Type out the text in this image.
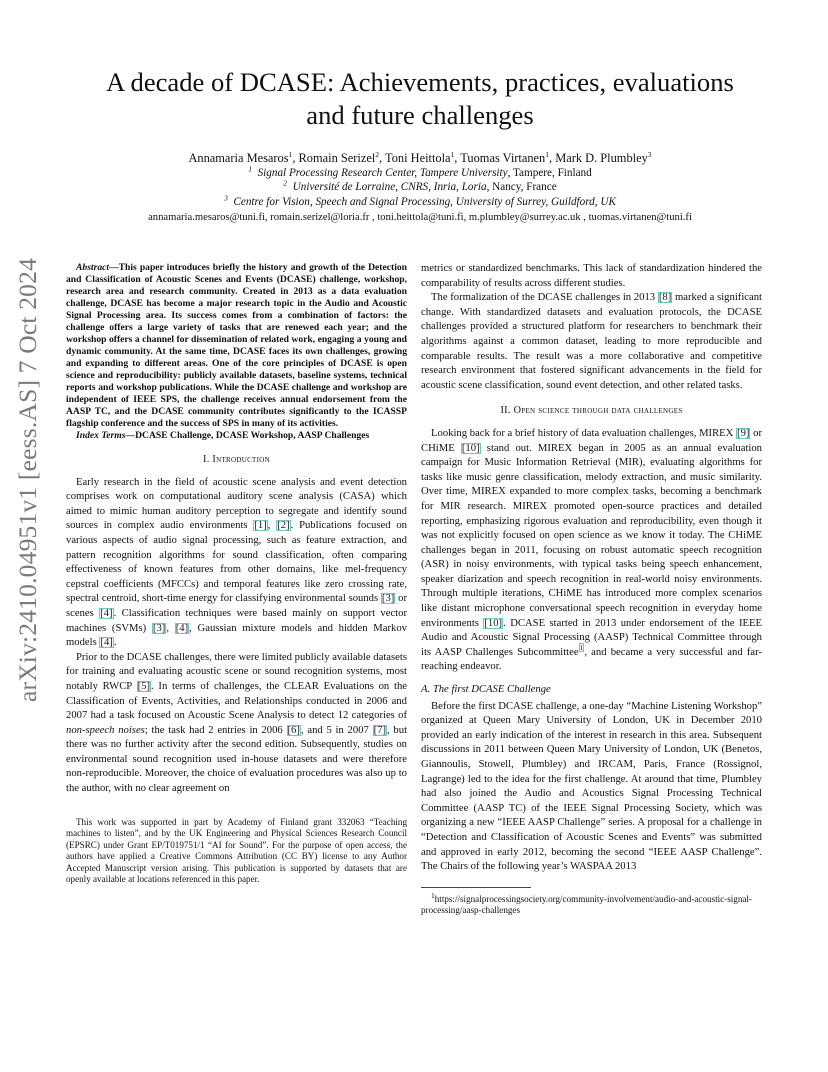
arXiv:2410.04951v1 [eess.AS] 7 Oct 2024
A decade of DCASE: Achievements, practices, evaluations
and future challenges
Annamaria Mesaros$^1$, Romain Serizel$^2$, Toni Heittola$^1$, Tuomas Virtanen$^1$, Mark D. Plumbley$^3$
$^1$ Signal Processing Research Center, Tampere University, Tampere, Finland
$^2$ Université de Lorraine, CNRS, Inria, Loria, Nancy, France
$^3$ Centre for Vision, Speech and Signal Processing, University of Surrey, Guildford, UK
annamaria.mesaros@tuni.fi, romain.serizel@loria.fr , toni.heittola@tuni.fi, m.plumbley@surrey.ac.uk , tuomas.virtanen@tuni.fi

Abstract—This paper introduces briefly the history and growth of the Detection and Classification of Acoustic Scenes and Events (DCASE) challenge, workshop, research area and research community. Created in 2013 as a data evaluation challenge, DCASE has become a major research topic in the Audio and Acoustic Signal Processing area. Its success comes from a combination of factors: the challenge offers a large variety of tasks that are renewed each year; and the workshop offers a channel for dissemination of related work, engaging a young and dynamic community. At the same time, DCASE faces its own challenges, growing and expanding to different areas. One of the core principles of DCASE is open science and reproducibility: publicly available datasets, baseline systems, technical reports and workshop publications. While the DCASE challenge and workshop are independent of IEEE SPS, the challenge receives annual endorsement from the AASP TC, and the DCASE community contributes significantly to the ICASSP flagship conference and the success of SPS in many of its activities.

Index Terms—DCASE Challenge, DCASE Workshop, AASP Challenges

I. Introduction

Early research in the field of acoustic scene analysis and event detection comprises work on computational auditory scene analysis (CASA) which aimed to mimic human auditory perception to segregate and identify sound sources in complex audio environments [1], [2]. Publications focused on various aspects of audio signal processing, such as feature extraction, and pattern recognition algorithms for sound classification, often comparing effectiveness of known features from other domains, like mel-frequency cepstral coefficients (MFCCs) and temporal features like zero crossing rate, spectral centroid, short-time energy for classifying environmental sounds [3] or scenes [4]. Classification techniques were based mainly on support vector machines (SVMs) [3], [4], Gaussian mixture models and hidden Markov models [4].

Prior to the DCASE challenges, there were limited publicly available datasets for training and evaluating acoustic scene or sound recognition systems, most notably RWCP [5]. In terms of challenges, the CLEAR Evaluations on the Classification of Events, Activities, and Relationships conducted in 2006 and 2007 had a task focused on Acoustic Scene Analysis to detect 12 categories of non-speech noises; the task had 2 entries in 2006 [6], and 5 in 2007 [7], but there was no further activity after the second edition. Subsequently, studies on environmental sound recognition used in-house datasets and were therefore non-reproducible. Moreover, the choice of evaluation procedures was also up to the author, with no clear agreement on

This work was supported in part by Academy of Finland grant 332063 “Teaching machines to listen”, and by the UK Engineering and Physical Sciences Research Council (EPSRC) under Grant EP/T019751/1 “AI for Sound”. For the purpose of open access, the authors have applied a Creative Commons Attribution (CC BY) license to any Author Accepted Manuscript version arising. This publication is supported by datasets that are openly available at locations referenced in this paper.

metrics or standardized benchmarks. This lack of standardization hindered the comparability of results across different studies.

The formalization of the DCASE challenges in 2013 [8] marked a significant change. With standardized datasets and evaluation protocols, the DCASE challenges provided a structured platform for researchers to benchmark their algorithms against a common dataset, leading to more reproducible and comparable results. The result was a more collaborative and competitive research environment that fostered significant advancements in the field for acoustic scene classification, sound event detection, and other related tasks.

II. Open science through data challenges

Looking back for a brief history of data evaluation challenges, MIREX [9] or CHiME [10] stand out. MIREX began in 2005 as an annual evaluation campaign for Music Information Retrieval (MIR), evaluating algorithms for tasks like music genre classification, melody extraction, and music similarity. Over time, MIREX expanded to more complex tasks, becoming a benchmark for MIR research. MIREX promoted open-source practices and detailed reporting, emphasizing rigorous evaluation and reproducibility, even though it was not explicitly focused on open science as we know it today. The CHiME challenges began in 2011, focusing on robust automatic speech recognition (ASR) in noisy environments, with typical tasks being speech enhancement, speaker diarization and speech recognition in real-world noisy environments. Through multiple iterations, CHiME has introduced more complex scenarios like distant microphone conversational speech recognition in everyday home environments [10]. DCASE started in 2013 under endorsement of the IEEE Audio and Acoustic Signal Processing (AASP) Technical Committee through its AASP Challenges Subcommittee$^1$, and became a very successful and far-reaching endeavor.

A. The first DCASE Challenge

Before the first DCASE challenge, a one-day “Machine Listening Workshop” organized at Queen Mary University of London, UK in December 2010 provided an early indication of the interest in research in this area. Subsequent discussions in 2011 between Queen Mary University of London, UK (Benetos, Giannoulis, Stowell, Plumbley) and IRCAM, Paris, France (Rossignol, Lagrange) led to the idea for the first challenge. At around that time, Plumbley had also joined the Audio and Acoustics Signal Processing Technical Committee (AASP TC) of the IEEE Signal Processing Society, which was organizing a new “IEEE AASP Challenge” series. A proposal for a challenge in “Detection and Classification of Acoustic Scenes and Events” was submitted and approved in early 2012, becoming the second “IEEE AASP Challenge”. The Chairs of the following year’s WASPAA 2013

$^1$https://signalprocessingsociety.org/community-involvement/audio-and-acoustic-signal-processing/aasp-challenges
